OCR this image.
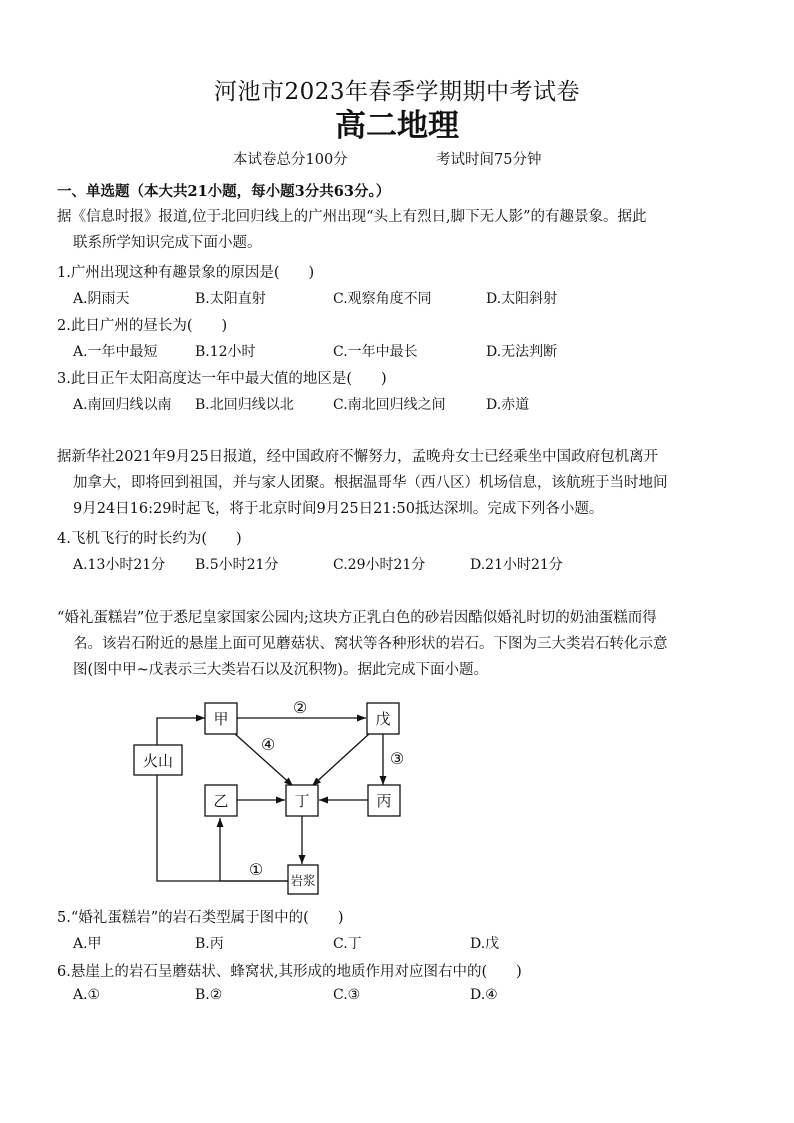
河池市2023年春季学期期中考试卷
高二地理
本试卷总分100分	考试时间75分钟
一、单选题（本大共21小题，每小题3分共63分。）
据《信息时报》报道,位于北回归线上的广州出现“头上有烈日,脚下无人影”的有趣景象。据此
联系所学知识完成下面小题。
1.广州出现这种有趣景象的原因是(　　)
A.阴雨天	B.太阳直射	C.观察角度不同	D.太阳斜射
2.此日广州的昼长为(　　)
A.一年中最短	B.12小时	C.一年中最长	D.无法判断
3.此日正午太阳高度达一年中最大值的地区是(　　)
A.南回归线以南 B.北回归线以北	C.南北回归线之间	D.赤道
据新华社2021年9月25日报道，经中国政府不懈努力，孟晚舟女士已经乘坐中国政府包机离开
加拿大，即将回到祖国，并与家人团聚。根据温哥华（西八区）机场信息，该航班于当时地间
9月24日16:29时起飞，将于北京时间9月25日21:50抵达深圳。完成下列各小题。
4.飞机飞行的时长约为(　　)
A.13小时21分 B.5小时21分	C.29小时21分	D.21小时21分
“婚礼蛋糕岩”位于悉尼皇家国家公园内;这块方正乳白色的砂岩因酷似婚礼时切的奶油蛋糕而得
名。该岩石附近的悬崖上面可见蘑菇状、窝状等各种形状的岩石。下图为三大类岩石转化示意
图(图中甲~戊表示三大类岩石以及沉积物)。据此完成下面小题。
火山
甲	戊
乙	丁	丙
岩浆
②
④
③
①
5.“婚礼蛋糕岩”的岩石类型属于图中的(　　)
A.甲	B.丙	C.丁	D.戊
6.悬崖上的岩石呈蘑菇状、蜂窝状,其形成的地质作用对应图右中的(　　)
A.①	B.②	C.③	D.④
